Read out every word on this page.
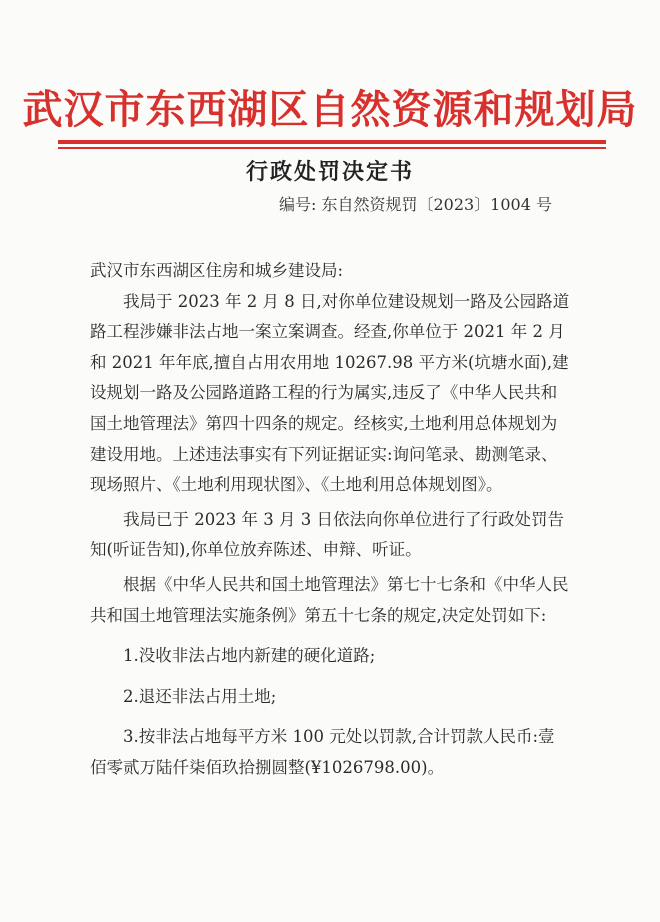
武汉市东西湖区自然资源和规划局
行政处罚决定书
编号: 东自然资规罚〔2023〕1004 号

武汉市东西湖区住房和城乡建设局:

我局于 2023 年 2 月 8 日,对你单位建设规划一路及公园路道路工程涉嫌非法占地一案立案调查。经查,你单位于 2021 年 2 月和 2021 年年底,擅自占用农用地 10267.98 平方米(坑塘水面),建设规划一路及公园路道路工程的行为属实,违反了《中华人民共和国土地管理法》第四十四条的规定。经核实,土地利用总体规划为建设用地。上述违法事实有下列证据证实:询问笔录、勘测笔录、现场照片、《土地利用现状图》、《土地利用总体规划图》。

我局已于 2023 年 3 月 3 日依法向你单位进行了行政处罚告知(听证告知),你单位放弃陈述、申辩、听证。

根据《中华人民共和国土地管理法》第七十七条和《中华人民共和国土地管理法实施条例》第五十七条的规定,决定处罚如下:

1.没收非法占地内新建的硬化道路;

2.退还非法占用土地;

3.按非法占地每平方米 100 元处以罚款,合计罚款人民币:壹佰零贰万陆仟柒佰玖拾捌圆整(¥1026798.00)。
